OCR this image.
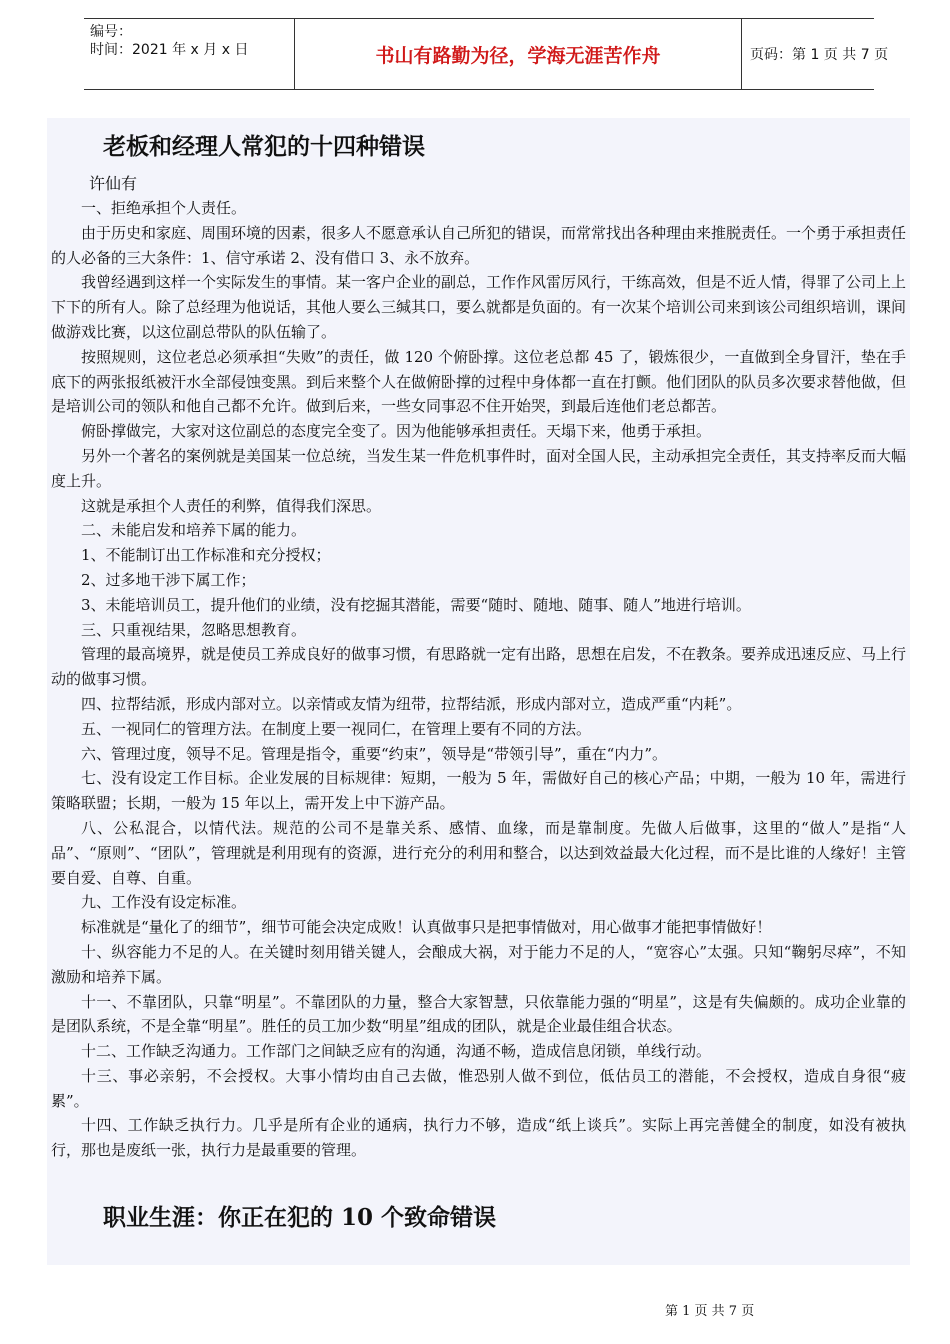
编号：
时间：2021 年 x 月 x 日	书山有路勤为径，学海无涯苦作舟	页码：第 1 页 共 7 页
老板和经理人常犯的十四种错误
许仙有

一、拒绝承担个人责任。

由于历史和家庭、周围环境的因素，很多人不愿意承认自己所犯的错误，而常常找出各种理由来推脱责任。一个勇于承担责任的人必备的三大条件：1、信守承诺 2、没有借口 3、永不放弃。

我曾经遇到这样一个实际发生的事情。某一客户企业的副总，工作作风雷厉风行，干练高效，但是不近人情，得罪了公司上上下下的所有人。除了总经理为他说话，其他人要么三缄其口，要么就都是负面的。有一次某个培训公司来到该公司组织培训，课间做游戏比赛，以这位副总带队的队伍输了。

按照规则，这位老总必须承担“失败”的责任，做 120 个俯卧撑。这位老总都 45 了，锻炼很少，一直做到全身冒汗，垫在手底下的两张报纸被汗水全部侵蚀变黑。到后来整个人在做俯卧撑的过程中身体都一直在打颤。他们团队的队员多次要求替他做，但是培训公司的领队和他自己都不允许。做到后来，一些女同事忍不住开始哭，到最后连他们老总都苦。

俯卧撑做完，大家对这位副总的态度完全变了。因为他能够承担责任。天塌下来，他勇于承担。

另外一个著名的案例就是美国某一位总统，当发生某一件危机事件时，面对全国人民，主动承担完全责任，其支持率反而大幅度上升。

这就是承担个人责任的利弊，值得我们深思。

二、未能启发和培养下属的能力。

1、不能制订出工作标准和充分授权；

2、过多地干涉下属工作；

3、未能培训员工，提升他们的业绩，没有挖掘其潜能，需要“随时、随地、随事、随人”地进行培训。

三、只重视结果，忽略思想教育。

管理的最高境界，就是使员工养成良好的做事习惯，有思路就一定有出路，思想在启发，不在教条。要养成迅速反应、马上行动的做事习惯。

四、拉帮结派，形成内部对立。以亲情或友情为纽带，拉帮结派，形成内部对立，造成严重“内耗”。

五、一视同仁的管理方法。在制度上要一视同仁，在管理上要有不同的方法。

六、管理过度，领导不足。管理是指令，重要“约束”，领导是“带领引导”，重在“内力”。

七、没有设定工作目标。企业发展的目标规律：短期，一般为 5 年，需做好自己的核心产品；中期，一般为 10 年，需进行策略联盟；长期，一般为 15 年以上，需开发上中下游产品。

八、公私混合，以情代法。规范的公司不是靠关系、感情、血缘，而是靠制度。先做人后做事，这里的“做人”是指“人品”、“原则”、“团队”，管理就是利用现有的资源，进行充分的利用和整合，以达到效益最大化过程，而不是比谁的人缘好！主管要自爱、自尊、自重。

九、工作没有设定标准。

标准就是“量化了的细节”，细节可能会决定成败！认真做事只是把事情做对，用心做事才能把事情做好！

十、纵容能力不足的人。在关键时刻用错关键人，会酿成大祸，对于能力不足的人，“宽容心”太强。只知“鞠躬尽瘁”，不知激励和培养下属。

十一、不靠团队，只靠“明星”。不靠团队的力量，整合大家智慧，只依靠能力强的“明星”，这是有失偏颇的。成功企业靠的是团队系统，不是全靠“明星”。胜任的员工加少数“明星”组成的团队，就是企业最佳组合状态。

十二、工作缺乏沟通力。工作部门之间缺乏应有的沟通，沟通不畅，造成信息闭锁，单线行动。

十三、事必亲躬，不会授权。大事小情均由自己去做，惟恐别人做不到位，低估员工的潜能，不会授权，造成自身很“疲累”。

十四、工作缺乏执行力。几乎是所有企业的通病，执行力不够，造成“纸上谈兵”。实际上再完善健全的制度，如没有被执行，那也是废纸一张，执行力是最重要的管理。

职业生涯：你正在犯的 10 个致命错误
第 1 页 共 7 页
